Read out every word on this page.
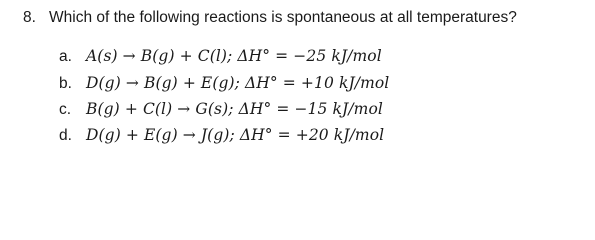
8. Which of the following reactions is spontaneous at all temperatures?
a. A(s) → B(g) + C(l); ΔH° = −25 kJ/mol
b. D(g) → B(g) + E(g); ΔH° = +10 kJ/mol
c. B(g) + C(l) → G(s); ΔH° = −15 kJ/mol
d. D(g) + E(g) → J(g); ΔH° = +20 kJ/mol
